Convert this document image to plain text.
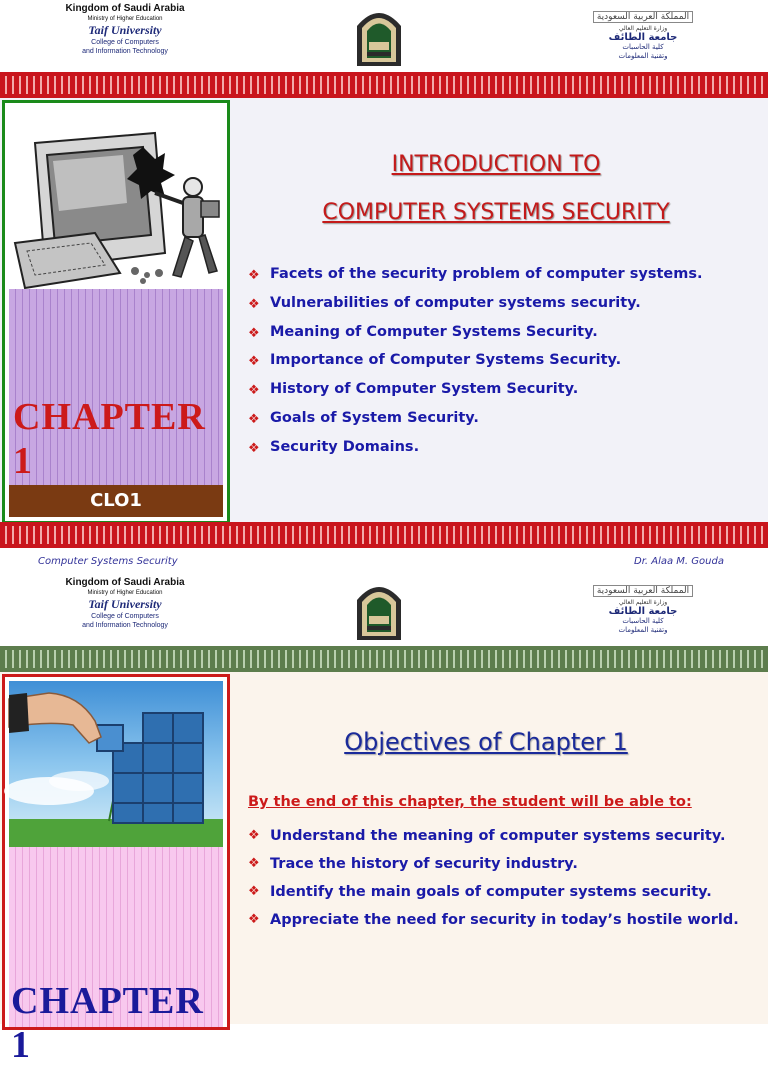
Kingdom of Saudi Arabia
Ministry of Higher Education
Taif University
College of Computers
and Information Technology
المملكة العربية السعودية
وزارة التعليم العالي
جامعة الطائف
كلية الحاسبات
وتقنية المعلومات
CHAPTER 1
CLO1
INTRODUCTION TO
COMPUTER SYSTEMS SECURITY
❖ Facets of the security problem of computer systems.
❖ Vulnerabilities of computer systems security.
❖ Meaning of Computer Systems Security.
❖ Importance of Computer Systems Security.
❖ History of Computer System Security.
❖ Goals of System Security.
❖ Security Domains.
Computer Systems Security	Dr. Alaa M. Gouda
Kingdom of Saudi Arabia
Ministry of Higher Education
Taif University
College of Computers
and Information Technology
المملكة العربية السعودية
وزارة التعليم العالي
جامعة الطائف
كلية الحاسبات
وتقنية المعلومات
CHAPTER 1
Objectives of Chapter 1
By the end of this chapter, the student will be able to:
❖ Understand the meaning of computer systems security.
❖ Trace the history of security industry.
❖ Identify the main goals of computer systems security.
❖ Appreciate the need for security in today’s hostile world.
